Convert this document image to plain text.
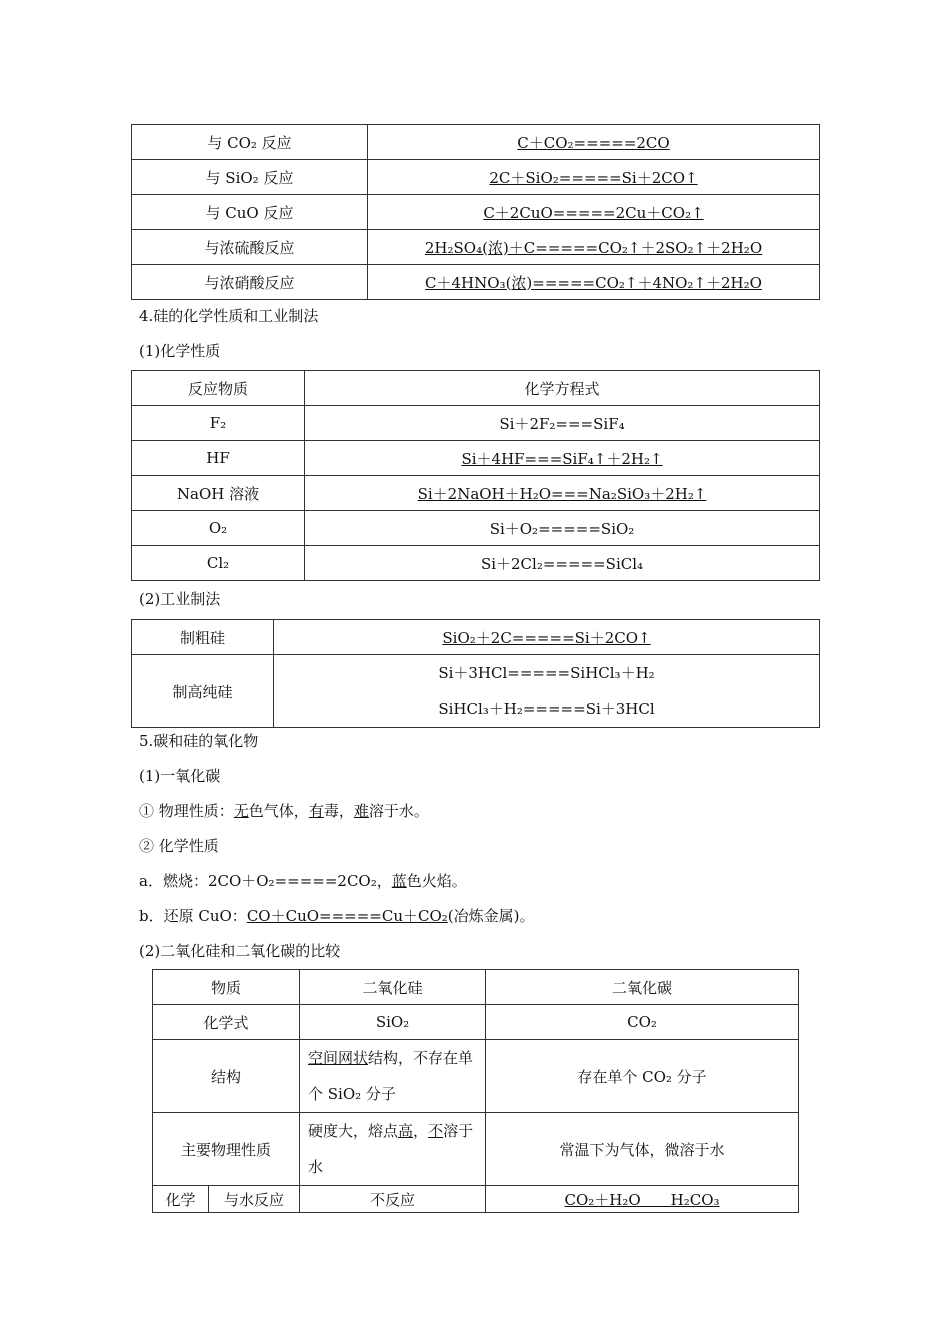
与 CO₂ 反应	C＋CO₂=====2CO
与 SiO₂ 反应	2C＋SiO₂=====Si＋2CO↑
与 CuO 反应	C＋2CuO=====2Cu＋CO₂↑
与浓硫酸反应	2H₂SO₄(浓)＋C=====CO₂↑＋2SO₂↑＋2H₂O
与浓硝酸反应	C＋4HNO₃(浓)=====CO₂↑＋4NO₂↑＋2H₂O
4.硅的化学性质和工业制法
(1)化学性质
反应物质	化学方程式
F₂	Si＋2F₂===SiF₄
HF	Si＋4HF===SiF₄↑＋2H₂↑
NaOH 溶液	Si＋2NaOH＋H₂O===Na₂SiO₃＋2H₂↑
O₂	Si＋O₂=====SiO₂
Cl₂	Si＋2Cl₂=====SiCl₄
(2)工业制法
制粗硅	SiO₂＋2C=====Si＋2CO↑
制高纯硅	Si＋3HCl=====SiHCl₃＋H₂
SiHCl₃＋H₂=====Si＋3HCl
5.碳和硅的氧化物
(1)一氧化碳
① 物理性质：无色气体，有毒，难溶于水。
② 化学性质
a．燃烧：2CO＋O₂=====2CO₂，蓝色火焰。
b．还原 CuO：CO＋CuO=====Cu＋CO₂(冶炼金属)。
(2)二氧化硅和二氧化碳的比较
物质		二氧化硅	二氧化碳
化学式		SiO₂	CO₂
结构		空间网状结构，不存在单个 SiO₂ 分子	存在单个 CO₂ 分子
主要物理性质		硬度大，熔点高，不溶于水	常温下为气体，微溶于水
化学	与水反应	不反应	CO₂＋H₂O　　H₂CO₃
